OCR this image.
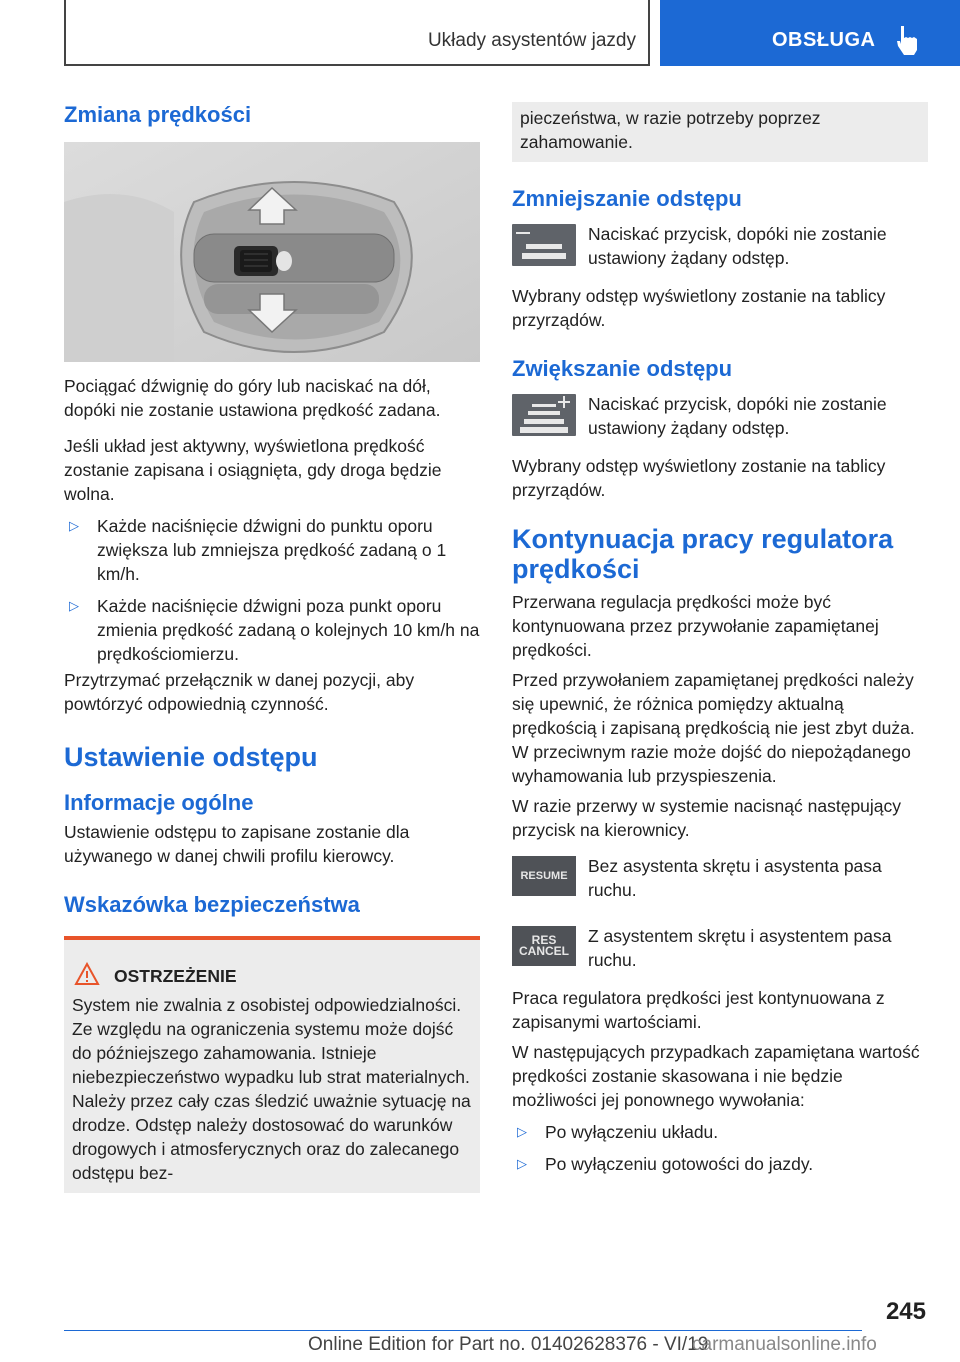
Układy asystentów jazdy	OBSŁUGA
Zmiana prędkości

Pociągać dźwignię do góry lub naciskać na dół, dopóki nie zostanie ustawiona prędkość zadana.

Jeśli układ jest aktywny, wyświetlona prędkość zostanie zapisana i osiągnięta, gdy droga będzie wolna.

▷ Każde naciśnięcie dźwigni do punktu oporu zwiększa lub zmniejsza prędkość zadaną o 1 km/h.
▷ Każde naciśnięcie dźwigni poza punkt oporu zmienia prędkość zadaną o kolejnych 10 km/h na prędkościomierzu.

Przytrzymać przełącznik w danej pozycji, aby powtórzyć odpowiednią czynność.

Ustawienie odstępu
Informacje ogólne

Ustawienie odstępu to zapisane zostanie dla używanego w danej chwili profilu kierowcy.

Wskazówka bezpieczeństwa
OSTRZEŻENIE

System nie zwalnia z osobistej odpowiedzialności. Ze względu na ograniczenia systemu może dojść do późniejszego zahamowania. Istnieje niebezpieczeństwo wypadku lub strat materialnych. Należy przez cały czas śledzić uważnie sytuację na drodze. Odstęp należy dostosować do warunków drogowych i atmosferycznych oraz do zalecanego odstępu bez-

pieczeństwa, w razie potrzeby poprzez zahamowanie.

Zmniejszanie odstępu

Naciskać przycisk, dopóki nie zostanie ustawiony żądany odstęp.

Wybrany odstęp wyświetlony zostanie na tablicy przyrządów.

Zwiększanie odstępu

Naciskać przycisk, dopóki nie zostanie ustawiony żądany odstęp.

Wybrany odstęp wyświetlony zostanie na tablicy przyrządów.

Kontynuacja pracy regulatora prędkości

Przerwana regulacja prędkości może być kontynuowana przez przywołanie zapamiętanej prędkości.

Przed przywołaniem zapamiętanej prędkości należy się upewnić, że różnica pomiędzy aktualną prędkością i zapisaną prędkością nie jest zbyt duża. W przeciwnym razie może dojść do niepożądanego wyhamowania lub przyspieszenia.

W razie przerwy w systemie nacisnąć następujący przycisk na kierownicy.

RESUME Bez asystenta skrętu i asystenta pasa ruchu.

RES
CANCEL

Z asystentem skrętu i asystentem pasa ruchu.

Praca regulatora prędkości jest kontynuowana z zapisanymi wartościami.

W następujących przypadkach zapamiętana wartość prędkości zostanie skasowana i nie będzie możliwości jej ponownego wywołania:

▷ Po wyłączeniu układu.
▷ Po wyłączeniu gotowości do jazdy.
245
Online Edition for Part no. 01402628376 - VI/19
carmanualsonline.info
